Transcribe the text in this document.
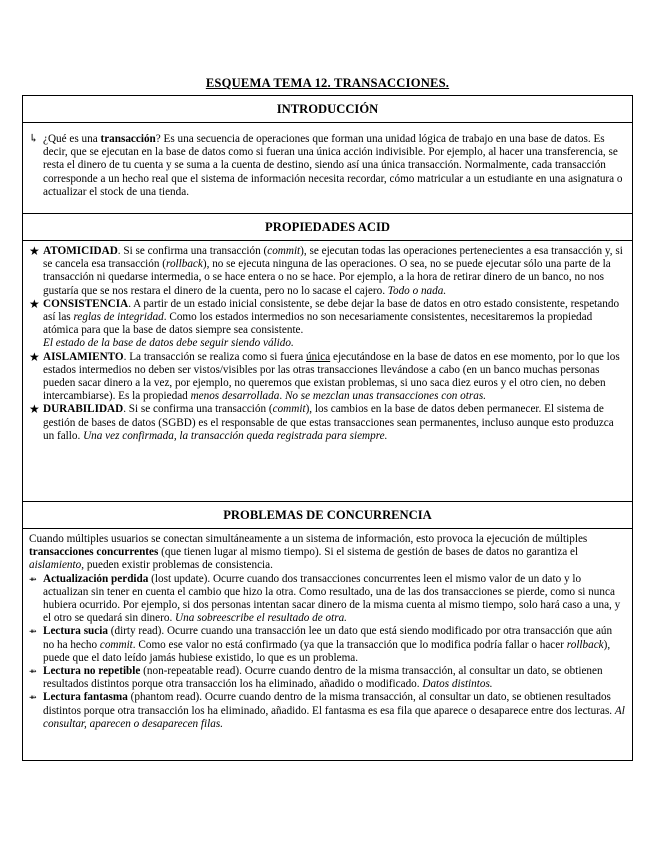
ESQUEMA TEMA 12. TRANSACCIONES.
INTRODUCCIÓN

↳ ¿Qué es una transacción? Es una secuencia de operaciones que forman una unidad lógica de trabajo en una base de datos. Es decir, que se ejecutan en la base de datos como si fueran una única acción indivisible. Por ejemplo, al hacer una transferencia, se resta el dinero de tu cuenta y se suma a la cuenta de destino, siendo así una única transacción. Normalmente, cada transacción corresponde a un hecho real que el sistema de información necesita recordar, cómo matricular a un estudiante en una asignatura o actualizar el stock de una tienda.

PROPIEDADES ACID

★ ATOMICIDAD. Si se confirma una transacción (commit), se ejecutan todas las operaciones pertenecientes a esa transacción y, si se cancela esa transacción (rollback), no se ejecuta ninguna de las operaciones. O sea, no se puede ejecutar sólo una parte de la transacción ni quedarse intermedia, o se hace entera o no se hace. Por ejemplo, a la hora de retirar dinero de un banco, no nos gustaría que se nos restara el dinero de la cuenta, pero no lo sacase el cajero. Todo o nada.

★ CONSISTENCIA. A partir de un estado inicial consistente, se debe dejar la base de datos en otro estado consistente, respetando así las reglas de integridad. Como los estados intermedios no son necesariamente consistentes, necesitaremos la propiedad atómica para que la base de datos siempre sea consistente.
El estado de la base de datos debe seguir siendo válido.

★ AISLAMIENTO. La transacción se realiza como si fuera única ejecutándose en la base de datos en ese momento, por lo que los estados intermedios no deben ser vistos/visibles por las otras transacciones llevándose a cabo (en un banco muchas personas pueden sacar dinero a la vez, por ejemplo, no queremos que existan problemas, si uno saca diez euros y el otro cien, no deben intercambiarse). Es la propiedad menos desarrollada. No se mezclan unas transacciones con otras.

★ DURABILIDAD. Si se confirma una transacción (commit), los cambios en la base de datos deben permanecer. El sistema de gestión de bases de datos (SGBD) es el responsable de que estas transacciones sean permanentes, incluso aunque esto produzca un fallo. Una vez confirmada, la transacción queda registrada para siempre.

PROBLEMAS DE CONCURRENCIA

Cuando múltiples usuarios se conectan simultáneamente a un sistema de información, esto provoca la ejecución de múltiples transacciones concurrentes (que tienen lugar al mismo tiempo). Si el sistema de gestión de bases de datos no garantiza el aislamiento, pueden existir problemas de consistencia.

⇻ Actualización perdida (lost update). Ocurre cuando dos transacciones concurrentes leen el mismo valor de un dato y lo actualizan sin tener en cuenta el cambio que hizo la otra. Como resultado, una de las dos transacciones se pierde, como si nunca hubiera ocurrido. Por ejemplo, si dos personas intentan sacar dinero de la misma cuenta al mismo tiempo, solo hará caso a una, y el otro se quedará sin dinero. Una sobreescribe el resultado de otra.

⇻ Lectura sucia (dirty read). Ocurre cuando una transacción lee un dato que está siendo modificado por otra transacción que aún no ha hecho commit. Como ese valor no está confirmado (ya que la transacción que lo modifica podría fallar o hacer rollback), puede que el dato leído jamás hubiese existido, lo que es un problema.

⇻ Lectura no repetible (non-repeatable read). Ocurre cuando dentro de la misma transacción, al consultar un dato, se obtienen resultados distintos porque otra transacción los ha eliminado, añadido o modificado. Datos distintos.

⇻ Lectura fantasma (phantom read). Ocurre cuando dentro de la misma transacción, al consultar un dato, se obtienen resultados distintos porque otra transacción los ha eliminado, añadido. El fantasma es esa fila que aparece o desaparece entre dos lecturas. Al consultar, aparecen o desaparecen filas.
